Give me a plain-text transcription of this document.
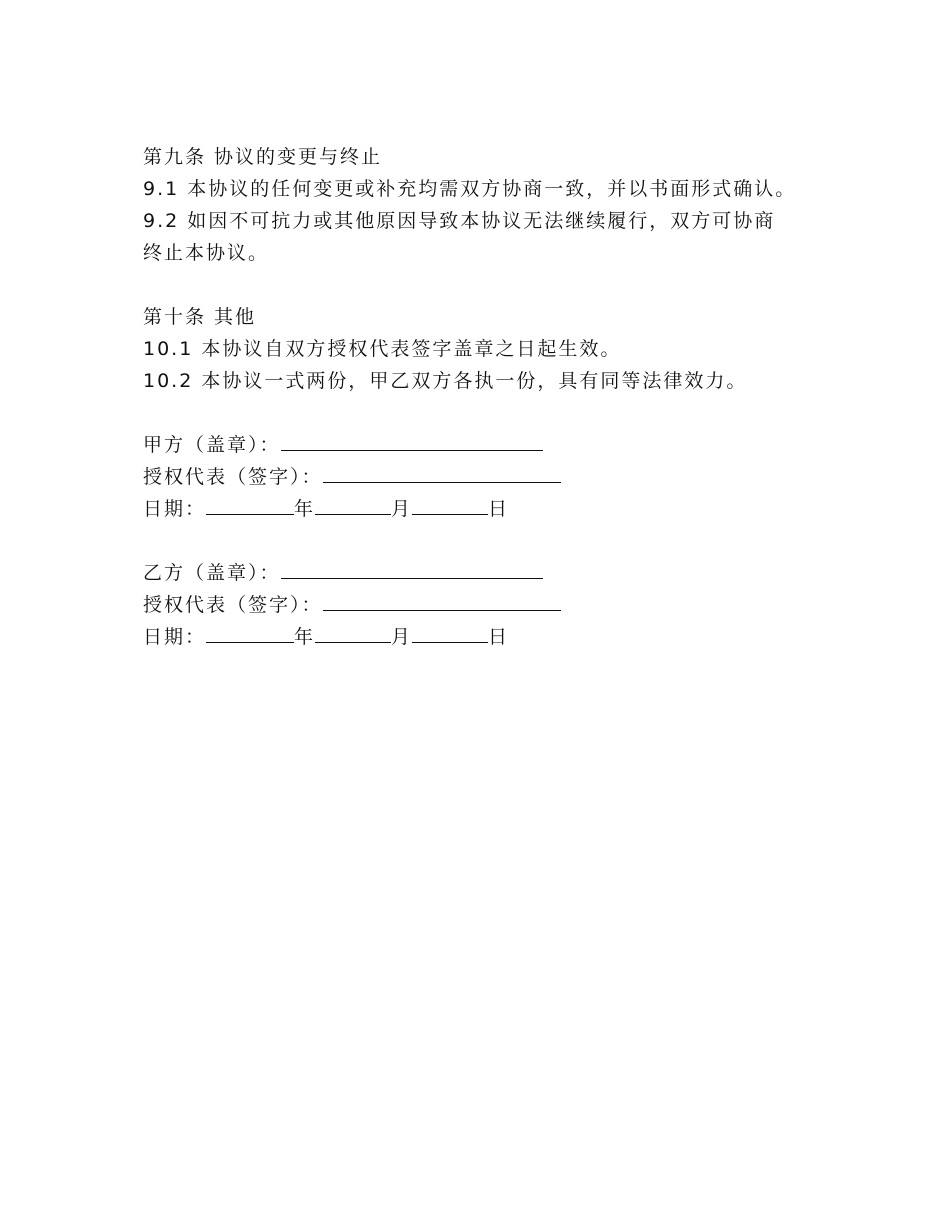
第九条 协议的变更与终止
9.1 本协议的任何变更或补充均需双方协商一致，并以书面形式确认。
9.2 如因不可抗力或其他原因导致本协议无法继续履行，双方可协商
终止本协议。
第十条 其他
10.1 本协议自双方授权代表签字盖章之日起生效。
10.2 本协议一式两份，甲乙双方各执一份，具有同等法律效力。
甲方（盖章）：
授权代表（签字）：
日期：	年	月	日
乙方（盖章）：
授权代表（签字）：
日期：	年	月	日
